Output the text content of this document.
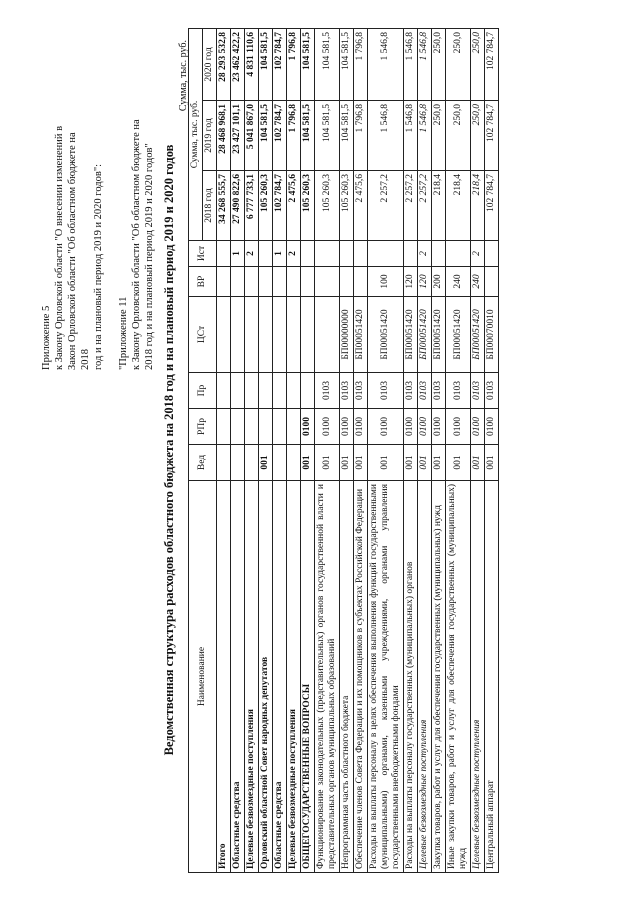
Приложение 5 к Закону Орловской области "О внесении изменений в Закон Орловской области "Об областном бюджете на 2018 год и на плановый период 2019 и 2020 годов": "Приложение 11 к Закону Орловской области "Об областном бюджете на 2018 год и на плановый период 2019 и 2020 годов" Ведомственная структура расходов областного бюджета на 2018 год и на плановый период 2019 и 2020 годов
Сумма, тыс. руб.
Наименование	Вед	РПр	Пр	ЦСт	ВР	Ист	Сумма, тыс. руб.		
							2018 год	2019 год	2020 год
Итого							34 268 555,7	28 468 968,1	28 293 532,8
Областные средства						1	27 490 822,6	23 427 101,1	23 462 422,2
Целевые безвозмездные поступления						2	6 777 733,1	5 041 867,0	4 831 110,6
Орловский областной Совет народных депутатов	001						105 260,3	104 581,5	104 581,5
Областные средства						1	102 784,7	102 784,7	102 784,7
Целевые безвозмездные поступления						2	2 475,6	1 796,8	1 796,8
ОБЩЕГОСУДАРСТВЕННЫЕ ВОПРОСЫ	001	0100					105 260,3	104 581,5	104 581,5
Функционирование законодательных (представительных) органов государственной власти и представительных органов муниципальных образований	001	0100	0103				105 260,3	104 581,5	104 581,5
Непрограммная часть областного бюджета	001	0100	0103	БП00000000			105 260,3	104 581,5	104 581,5
Обеспечение членов Совета Федерации и их помощников в субъектах Российской Федерации	001	0100	0103	БП00051420			2 475,6	1 796,8	1 796,8
Расходы на выплаты персоналу в целях обеспечения выполнения функций государственными (муниципальными) органами, казенными учреждениями, органами управления государственными внебюджетными фондами	001	0100	0103	БП00051420	100		2 257,2	1 546,8	1 546,8
Расходы на выплаты персоналу государственных (муниципальных) органов	001	0100	0103	БП00051420	120		2 257,2	1 546,8	1 546,8
Целевые безвозмездные поступления	001	0100	0103	БП00051420	120	2	2 257,2	1 546,8	1 546,8
Закупка товаров, работ и услуг для обеспечения государственных (муниципальных) нужд	001	0100	0103	БП00051420	200		218,4	250,0	250,0
Иные закупки товаров, работ и услуг для обеспечения государственных (муниципальных) нужд	001	0100	0103	БП00051420	240		218,4	250,0	250,0
Целевые безвозмездные поступления	001	0100	0103	БП00051420	240	2	218,4	250,0	250,0
Центральный аппарат	001	0100	0103	БП00070010			102 784,7	102 784,7	102 784,7
